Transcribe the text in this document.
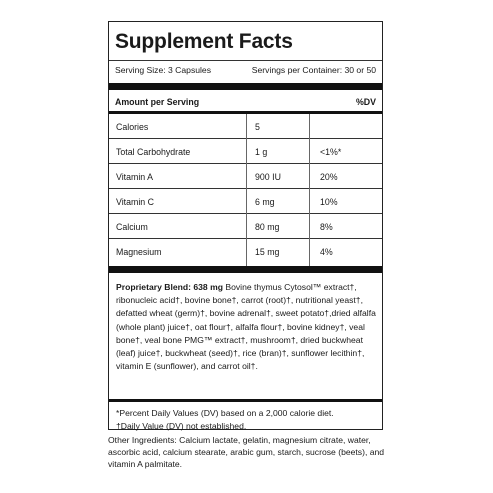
Supplement Facts
Serving Size: 3 Capsules	Servings per Container: 30 or 50
Amount per Serving	%DV
Calories	5
Total Carbohydrate	1 g	<1%*
Vitamin A	900 IU	20%
Vitamin C	6 mg	10%
Calcium	80 mg	8%
Magnesium	15 mg	4%
Proprietary Blend: 638 mg Bovine thymus Cytosol™ extract†, ribonucleic acid†, bovine bone†, carrot (root)†, nutritional yeast†, defatted wheat (germ)†, bovine adrenal†, sweet potato†,dried alfalfa (whole plant) juice†, oat flour†, alfalfa flour†, bovine kidney†, veal bone†, veal bone PMG™ extract†, mushroom†, dried buckwheat (leaf) juice†, buckwheat (seed)†, rice (bran)†, sunflower lecithin†, vitamin E (sunflower), and carrot oil†.
*Percent Daily Values (DV) based on a 2,000 calorie diet.
†Daily Value (DV) not established.
Other Ingredients: Calcium lactate, gelatin, magnesium citrate, water, ascorbic acid, calcium stearate, arabic gum, starch, sucrose (beets), and vitamin A palmitate.
